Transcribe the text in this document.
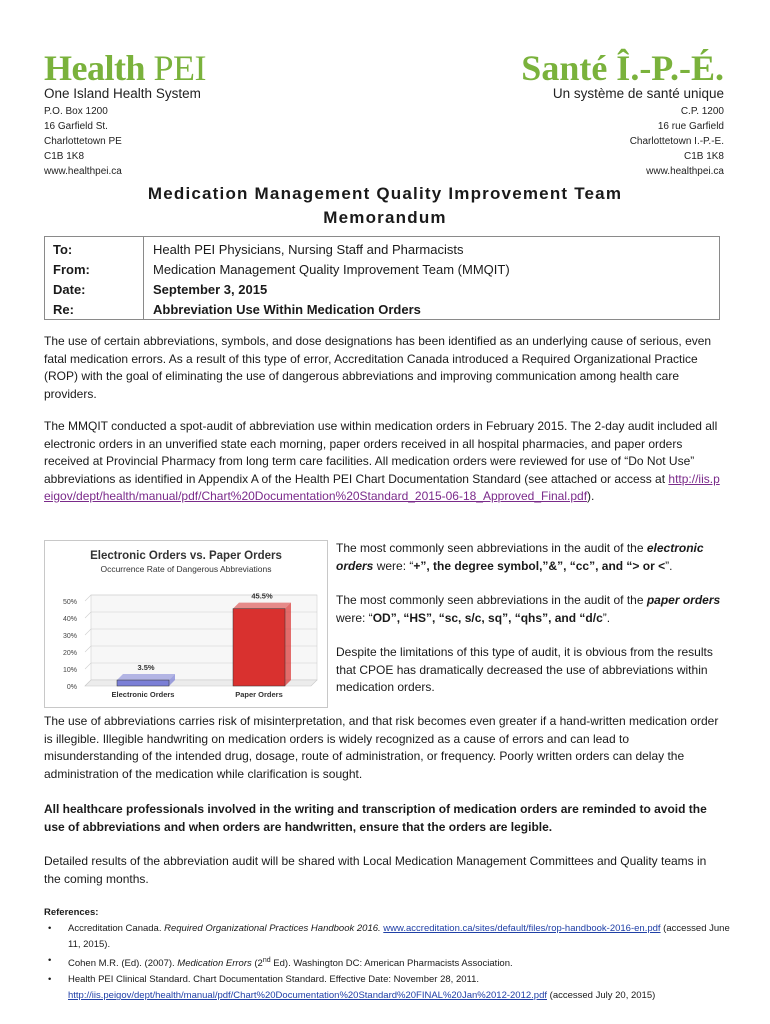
Health PEI
One Island Health System
Santé Î.-P.-É.
Un système de santé unique
P.O. Box 1200
16 Garfield St.
Charlottetown PE
C1B 1K8
www.healthpei.ca
C.P. 1200
16 rue Garfield
Charlottetown I.-P.-E.
C1B 1K8
www.healthpei.ca
Medication Management Quality Improvement Team
Memorandum
To:
From:
Date:
Re:
Health PEI Physicians, Nursing Staff and Pharmacists
Medication Management Quality Improvement Team (MMQIT)
September 3, 2015
Abbreviation Use Within Medication Orders
The use of certain abbreviations, symbols, and dose designations has been identified as an underlying cause of serious, even fatal medication errors. As a result of this type of error, Accreditation Canada introduced a Required Organizational Practice (ROP) with the goal of eliminating the use of dangerous abbreviations and improving communication among health care providers.
The MMQIT conducted a spot-audit of abbreviation use within medication orders in February 2015. The 2-day audit included all electronic orders in an unverified state each morning, paper orders received in all hospital pharmacies, and paper orders received at Provincial Pharmacy from long term care facilities. All medication orders were reviewed for use of “Do Not Use” abbreviations as identified in Appendix A of the Health PEI Chart Documentation Standard (see attached or access at http://iis.peigov/dept/health/manual/pdf/Chart%20Documentation%20Standard_2015-06-18_Approved_Final.pdf).
Electronic Orders vs. Paper Orders
Occurrence Rate of Dangerous Abbreviations
0%
10%
20%
30%
40%
50%
3.5%
Electronic Orders
45.5%
Paper Orders
The most commonly seen abbreviations in the audit of the electronic orders were: “+”, the degree symbol,”&”, “cc”, and “> or <”.
The most commonly seen abbreviations in the audit of the paper orders were: “OD”, “HS”, “sc, s/c, sq”, “qhs”, and “d/c”.
Despite the limitations of this type of audit, it is obvious from the results that CPOE has dramatically decreased the use of abbreviations within medication orders.
The use of abbreviations carries risk of misinterpretation, and that risk becomes even greater if a hand-written medication order is illegible. Illegible handwriting on medication orders is widely recognized as a cause of errors and can lead to misunderstanding of the intended drug, dosage, route of administration, or frequency. Poorly written orders can delay the administration of the medication while clarification is sought.
All healthcare professionals involved in the writing and transcription of medication orders are reminded to avoid the use of abbreviations and when orders are handwritten, ensure that the orders are legible.
Detailed results of the abbreviation audit will be shared with Local Medication Management Committees and Quality teams in the coming months.
References:
• Accreditation Canada. Required Organizational Practices Handbook 2016. www.accreditation.ca/sites/default/files/rop-handbook-2016-en.pdf (accessed June 11, 2015).
• Cohen M.R. (Ed). (2007). Medication Errors (2nd Ed). Washington DC: American Pharmacists Association.
• Health PEI Clinical Standard. Chart Documentation Standard. Effective Date: November 28, 2011.
http://iis.peigov/dept/health/manual/pdf/Chart%20Documentation%20Standard%20FINAL%20Jan%2012-2012.pdf (accessed July 20, 2015)
